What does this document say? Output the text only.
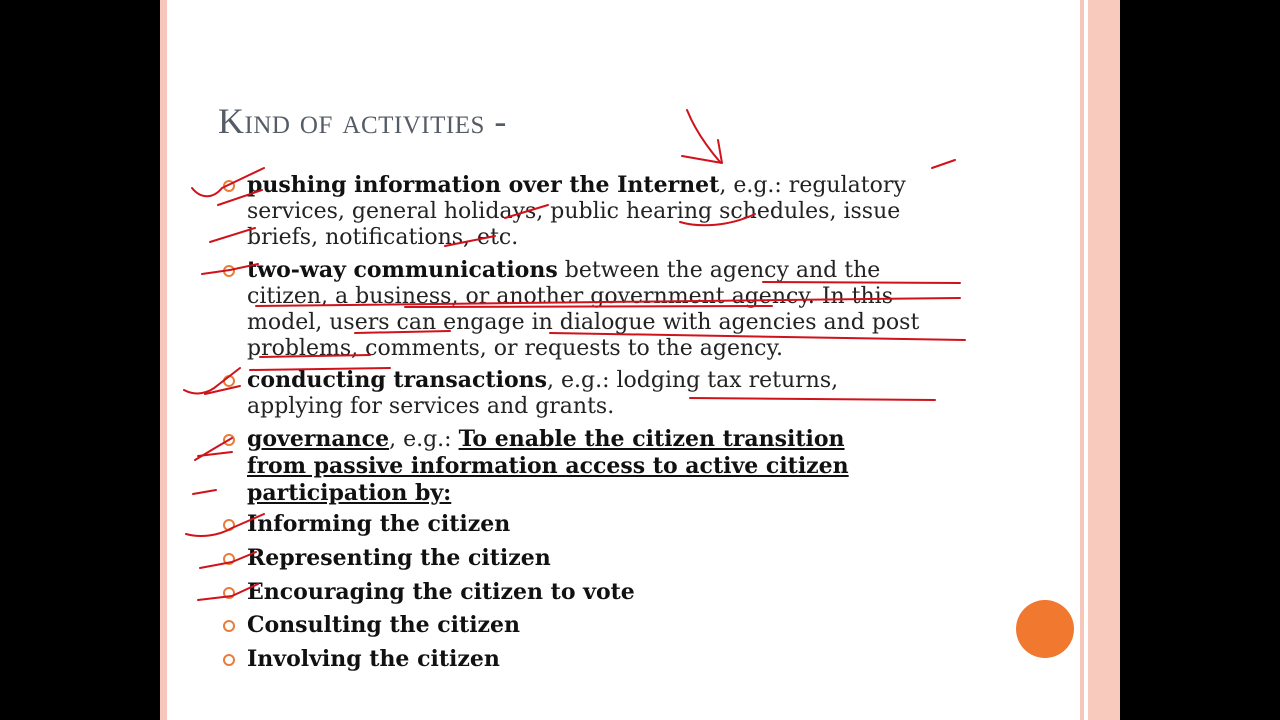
Kind of activities -
pushing information over the Internet, e.g.: regulatory
services, general holidays, public hearing schedules, issue
briefs, notifications, etc.
two-way communications between the agency and the
citizen, a business, or another government agency. In this
model, users can engage in dialogue with agencies and post
problems, comments, or requests to the agency.
conducting transactions, e.g.: lodging tax returns,
applying for services and grants.
governance, e.g.: To enable the citizen transition
from passive information access to active citizen
participation by:
Informing the citizen
Representing the citizen
Encouraging the citizen to vote
Consulting the citizen
Involving the citizen
